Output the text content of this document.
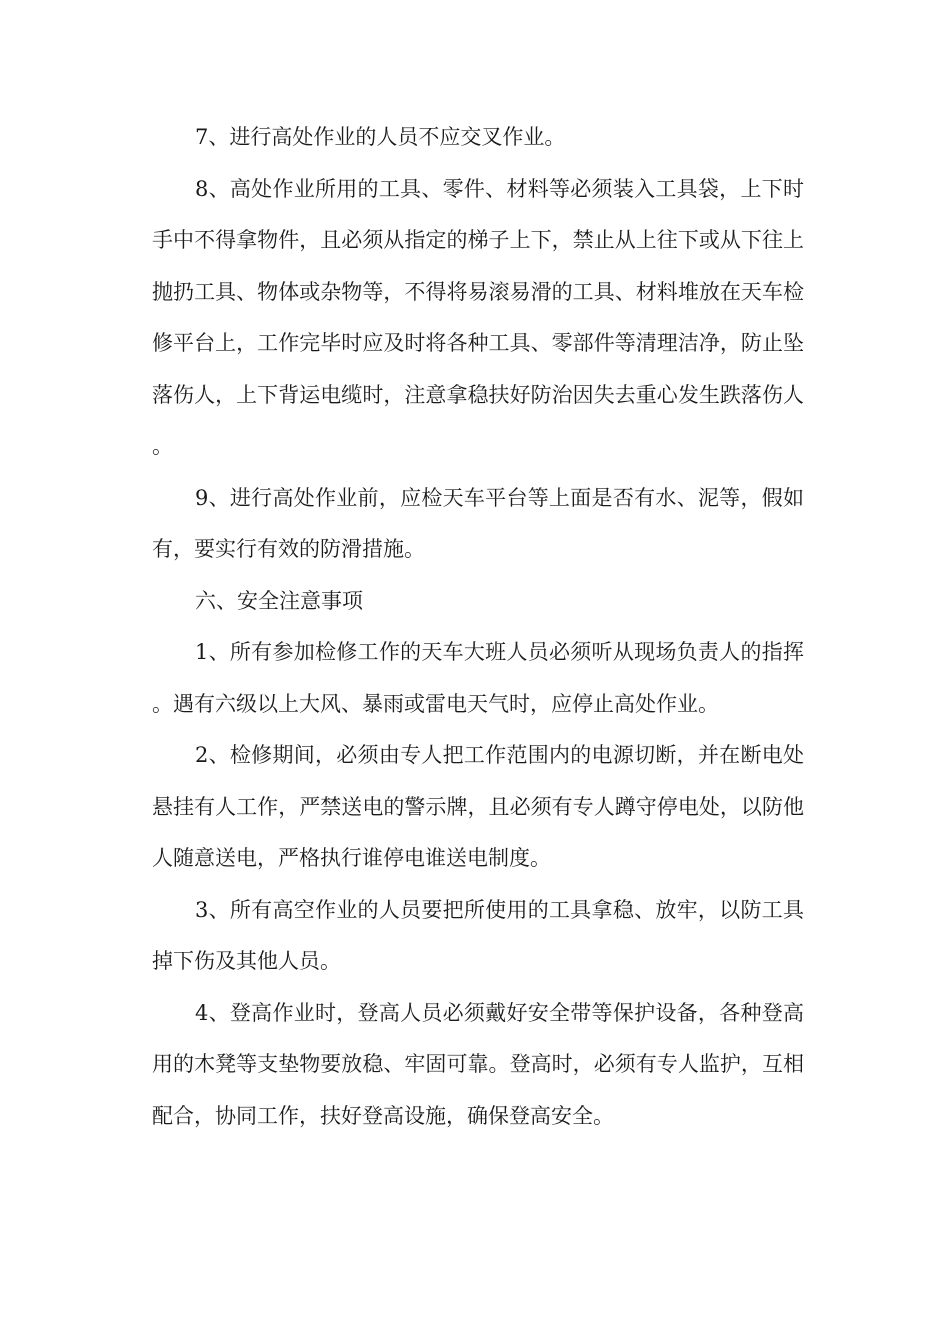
7、进行高处作业的人员不应交叉作业。

8、高处作业所用的工具、零件、材料等必须装入工具袋，上下时手中不得拿物件，且必须从指定的梯子上下，禁止从上往下或从下往上抛扔工具、物体或杂物等，不得将易滚易滑的工具、材料堆放在天车检修平台上，工作完毕时应及时将各种工具、零部件等清理洁净，防止坠落伤人，上下背运电缆时，注意拿稳扶好防治因失去重心发生跌落伤人。

9、进行高处作业前，应检天车平台等上面是否有水、泥等，假如有，要实行有效的防滑措施。

六、安全注意事项

1、所有参加检修工作的天车大班人员必须听从现场负责人的指挥。遇有六级以上大风、暴雨或雷电天气时，应停止高处作业。

2、检修期间，必须由专人把工作范围内的电源切断，并在断电处悬挂有人工作，严禁送电的警示牌，且必须有专人蹲守停电处，以防他人随意送电，严格执行谁停电谁送电制度。

3、所有高空作业的人员要把所使用的工具拿稳、放牢，以防工具掉下伤及其他人员。

4、登高作业时，登高人员必须戴好安全带等保护设备，各种登高用的木凳等支垫物要放稳、牢固可靠。登高时，必须有专人监护，互相配合，协同工作，扶好登高设施，确保登高安全。
